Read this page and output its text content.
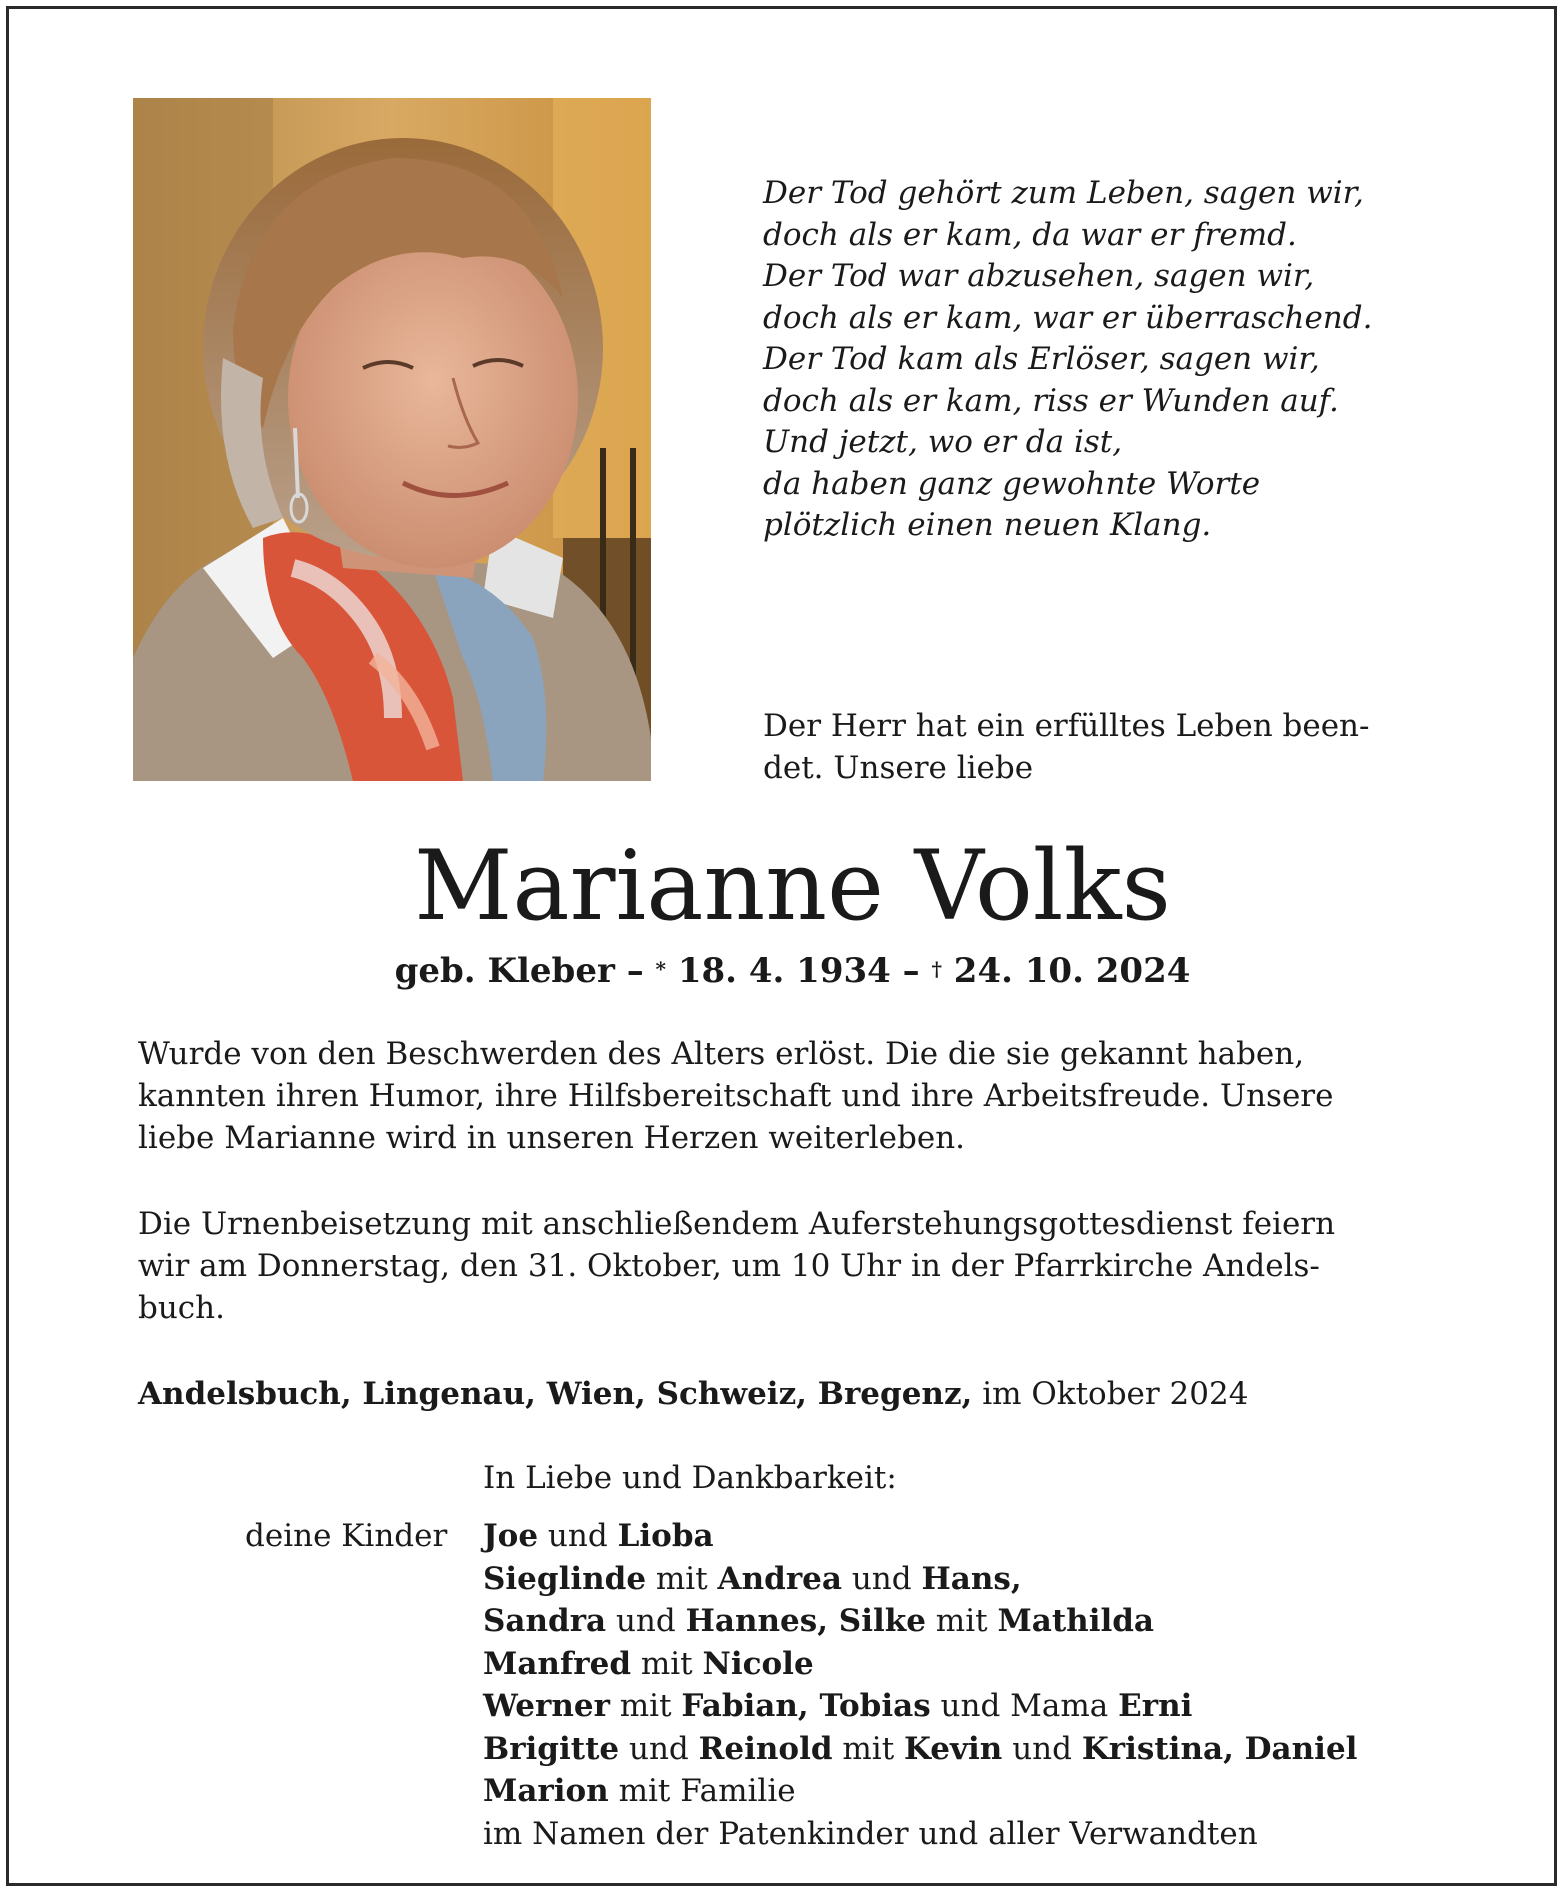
Der Tod gehört zum Leben, sagen wir,
doch als er kam, da war er fremd.
Der Tod war abzusehen, sagen wir,
doch als er kam, war er überraschend.
Der Tod kam als Erlöser, sagen wir,
doch als er kam, riss er Wunden auf.
Und jetzt, wo er da ist,
da haben ganz gewohnte Worte
plötzlich einen neuen Klang.
Der Herr hat ein erfülltes Leben been-
det. Unsere liebe
Marianne Volks
geb. Kleber – * 18. 4. 1934 – † 24. 10. 2024
Wurde von den Beschwerden des Alters erlöst. Die die sie gekannt haben,
kannten ihren Humor, ihre Hilfsbereitschaft und ihre Arbeitsfreude. Unsere
liebe Marianne wird in unseren Herzen weiterleben.
Die Urnenbeisetzung mit anschließendem Auferstehungsgottesdienst feiern
wir am Donnerstag, den 31. Oktober, um 10 Uhr in der Pfarrkirche Andels-
buch.
Andelsbuch, Lingenau, Wien, Schweiz, Bregenz, im Oktober 2024
In Liebe und Dankbarkeit:
deine Kinder Joe und Lioba
Sieglinde mit Andrea und Hans,
Sandra und Hannes, Silke mit Mathilda
Manfred mit Nicole
Werner mit Fabian, Tobias und Mama Erni
Brigitte und Reinold mit Kevin und Kristina, Daniel
Marion mit Familie
im Namen der Patenkinder und aller Verwandten
